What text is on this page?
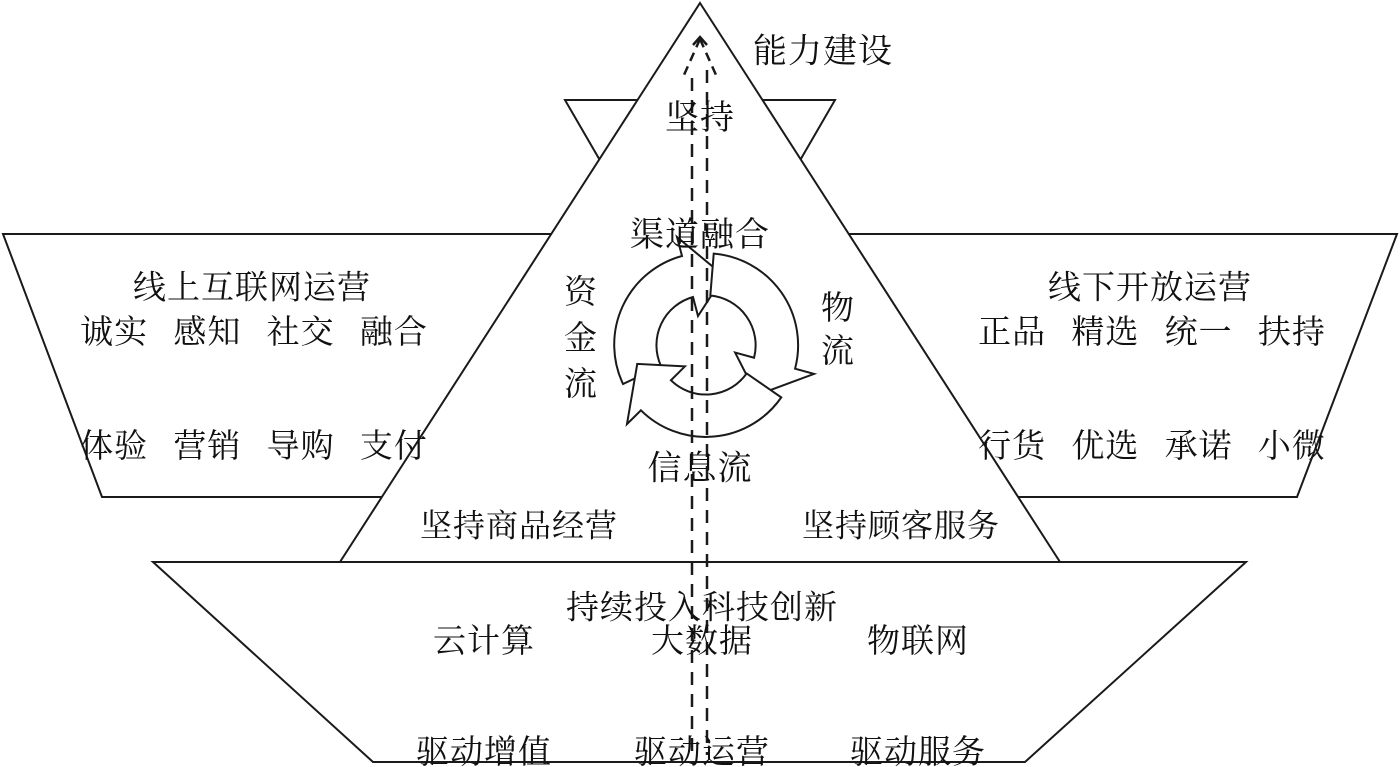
能力建设

坚持

渠道融合

资金流	物流
信息流
坚持商品经营	坚持顾客服务
线上互联网运营

诚实 感知 社交 融合

体验 营销 导购 支付

线下开放运营

正品 精选 统一 扶持

行货 优选 承诺 小微

持续投入科技创新

云计算

驱动增值

大数据

驱动运营

物联网

驱动服务
